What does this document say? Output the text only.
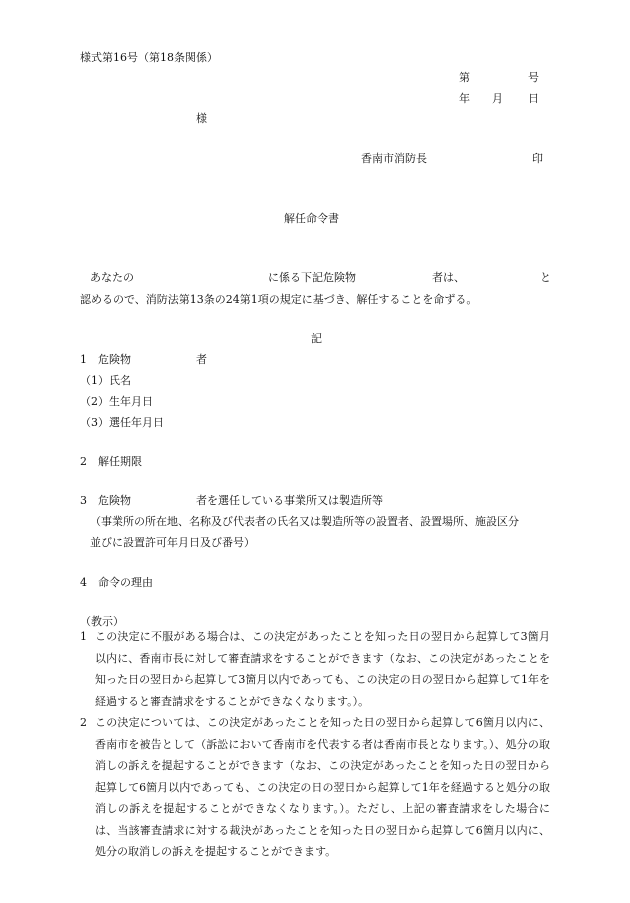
様式第16号（第18条関係）
第	号
年 月 日
様
香南市消防長	印
解任命令書
あなたの	に係る下記危険物	者は、	と
認めるので、消防法第13条の24第1項の規定に基づき、解任することを命ずる。
記
1　危険物	者
（1）氏名
（2）生年月日
（3）選任年月日
2　解任期限
3　危険物	者を選任している事業所又は製造所等
（事業所の所在地、名称及び代表者の氏名又は製造所等の設置者、設置場所、施設区分
並びに設置許可年月日及び番号）
4　命令の理由
（教示）
1 この決定に不服がある場合は、この決定があったことを知った日の翌日から起算して3箇月以内に、香南市長に対して審査請求をすることができます（なお、この決定があったことを知った日の翌日から起算して3箇月以内であっても、この決定の日の翌日から起算して1年を経過すると審査請求をすることができなくなります。）。
2 この決定については、この決定があったことを知った日の翌日から起算して6箇月以内に、香南市を被告として（訴訟において香南市を代表する者は香南市長となります。）、処分の取消しの訴えを提起することができます（なお、この決定があったことを知った日の翌日から起算して6箇月以内であっても、この決定の日の翌日から起算して1年を経過すると処分の取消しの訴えを提起することができなくなります。）。ただし、上記の審査請求をした場合には、当該審査請求に対する裁決があったことを知った日の翌日から起算して6箇月以内に、処分の取消しの訴えを提起することができます。
